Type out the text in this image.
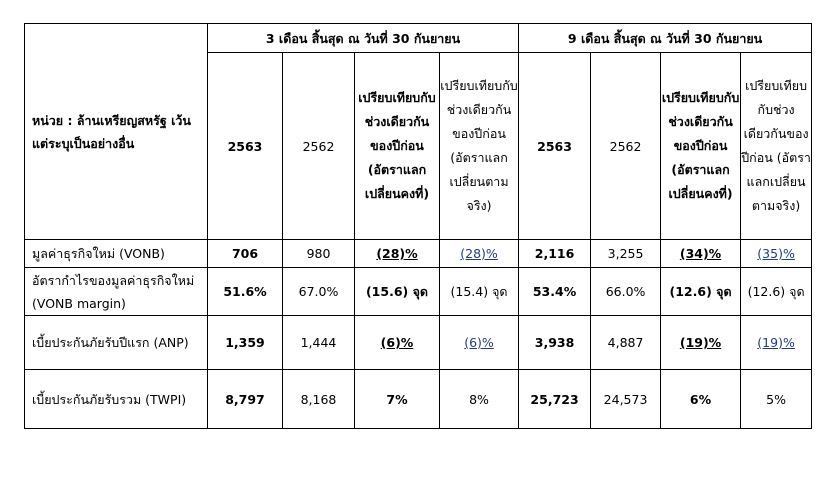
หน่วย : ล้านเหรียญสหรัฐ เว้นแต่ระบุเป็นอย่างอื่น	3 เดือน สิ้นสุด ณ วันที่ 30 กันยายน				9 เดือน สิ้นสุด ณ วันที่ 30 กันยายน			
	2563	2562	เปรียบเทียบกับช่วงเดียวกันของปีก่อน (อัตราแลกเปลี่ยนคงที่)	เปรียบเทียบกับช่วงเดียวกันของปีก่อน (อัตราแลกเปลี่ยนตามจริง)	2563	2562	เปรียบเทียบกับช่วงเดียวกันของปีก่อน (อัตราแลกเปลี่ยนคงที่)	เปรียบเทียบกับช่วงเดียวกันของปีก่อน (อัตราแลกเปลี่ยนตามจริง)
มูลค่าธุรกิจใหม่ (VONB)	706	980	(28)%	(28)%	2,116	3,255	(34)%	(35)%
อัตรากำไรของมูลค่าธุรกิจใหม่ (VONB margin)	51.6%	67.0%	(15.6) จุด	(15.4) จุด	53.4%	66.0%	(12.6) จุด	(12.6) จุด
เบี้ยประกันภัยรับปีแรก (ANP)	1,359	1,444	(6)%	(6)%	3,938	4,887	(19)%	(19)%
เบี้ยประกันภัยรับรวม (TWPI)	8,797	8,168	7%	8%	25,723	24,573	6%	5%
